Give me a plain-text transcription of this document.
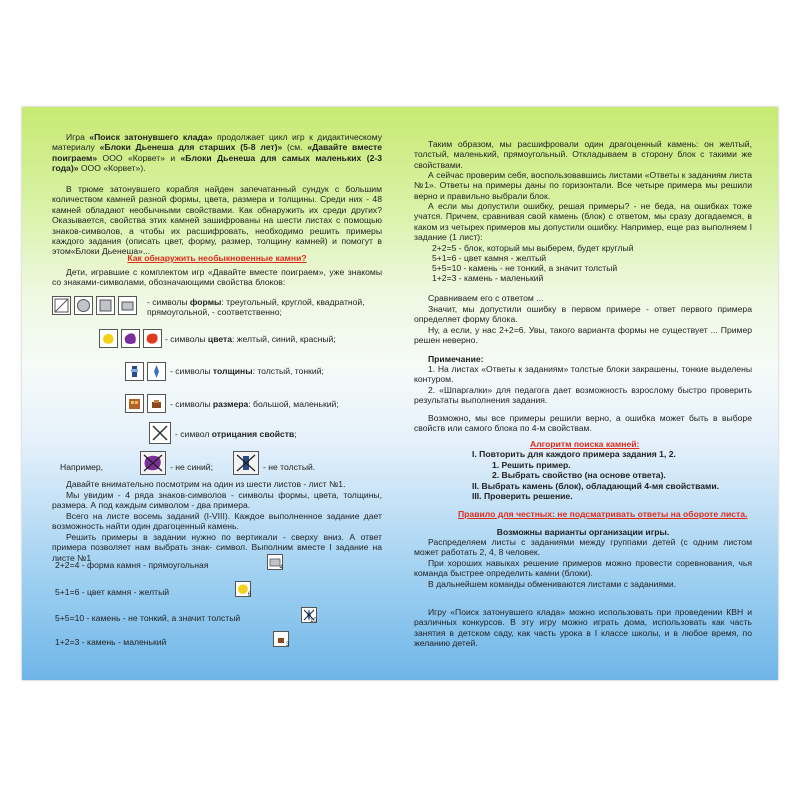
Игра «Поиск затонувшего клада» продолжает цикл игр к дидактическому материалу «Блоки Дьенеша для старших (5-8 лет)» (см. «Давайте вместе поиграем» ООО «Корвет» и «Блоки Дьенеша для самых маленьких (2-3 года)» ООО «Корвет»).

В трюме затонувшего корабля найден запечатанный сундук с большим количеством камней разной формы, цвета, размера и толщины. Среди них - 48 камней обладают необычными свойствами. Как обнаружить их среди других? Оказывается, свойства этих камней зашифрованы на шести листах с помощью знаков-символов, а чтобы их расшифровать, необходимо решить примеры каждого задания (описать цвет, форму, размер, толщину камней) и помогут в этом«Блоки Дьенеша»...

Как обнаружить необыкновенные камни?

Дети, игравшие с комплектом игр «Давайте вместе поиграем», уже знакомы со знаками-символами, обозначающими свойства блоков:

- символы формы: треугольный, круглой, квадратной, прямоугольной, - соответственно;

- символы цвета: желтый, синий, красный;

- символы толщины: толстый, тонкий;

- символы размера: большой, маленький;

- символ отрицания свойств;

Например,	- не синий;	- не толстый.

Давайте внимательно посмотрим на один из шести листов - лист №1.

Мы увидим - 4 ряда знаков-символов - символы формы, цвета, толщины, размера. А под каждым символом - два примера.

Всего на листе восемь заданий (I-VIII). Каждое выполненное задание дает возможность найти один драгоценный камень.

Решить примеры в задании нужно по вертикали - сверху вниз. А ответ примера позволяет нам выбрать знак- символ. Выполним вместе I задание на листе №1

2+2=4 - форма камня - прямоугольная	4

5+1=6 - цвет камня - желтый	6

5+5=10 - камень - не тонкий, а значит толстый	10

1+2=3 - камень - маленький	3

Таким образом, мы расшифровали один драгоценный камень: он желтый, толстый, маленький, прямоугольный. Откладываем в сторону блок с такими же свойствами.

А сейчас проверим себя, воспользовавшись листами «Ответы к заданиям листа №1». Ответы на примеры даны по горизонтали. Все четыре примера мы решили верно и правильно выбрали блок.

А если мы допустили ошибку, решая примеры? - не беда, на ошибках тоже учатся. Причем, сравнивая свой камень (блок) с ответом, мы сразу догадаемся, в каком из четырех примеров мы допустили ошибку. Например, еще раз выполняем I задание (1 лист):

2+2=5 - блок, который мы выберем, будет круглый

5+1=6 - цвет камня - желтый

5+5=10 - камень - не тонкий, а значит толстый

1+2=3 - камень - маленький

Сравниваем его с ответом ...

Значит, мы допустили ошибку в первом примере - ответ первого примера определяет форму блока.

Ну, а если, у нас 2+2=6. Увы, такого варианта формы не существует ... Пример решен неверно.

Примечание:

1. На листах «Ответы к заданиям» толстые блоки закрашены, тонкие выделены контуром.

2. «Шпаргалки» для педагога дает возможность взрослому быстро проверить результаты выполнения задания.

Возможно, мы все примеры решили верно, а ошибка может быть в выборе свойств или самого блока по 4-м свойствам.

Алгоритм поиска камней:

I. Повторить для каждого примера задания 1, 2.

1. Решить пример.

2. Выбрать свойство (на основе ответа).

II. Выбрать камень (блок), обладающий 4-мя свойствами.

III. Проверить решение.

Правило для честных: не подсматривать ответы на обороте листа.

Возможны варианты организации игры.

Распределяем листы с заданиями между группами детей (с одним листом может работать 2, 4, 8 человек.

При хороших навыках решение примеров можно провести соревнования, чья команда быстрее определить камни (блоки).

В дальнейшем команды обмениваются листами с заданиями.

Игру «Поиск затонувшего клада» можно использовать при проведении КВН и различных конкурсов. В эту игру можно играть дома, использовать как часть занятия в детском саду, как часть урока в I классе школы, и в любое время, по желанию детей.
